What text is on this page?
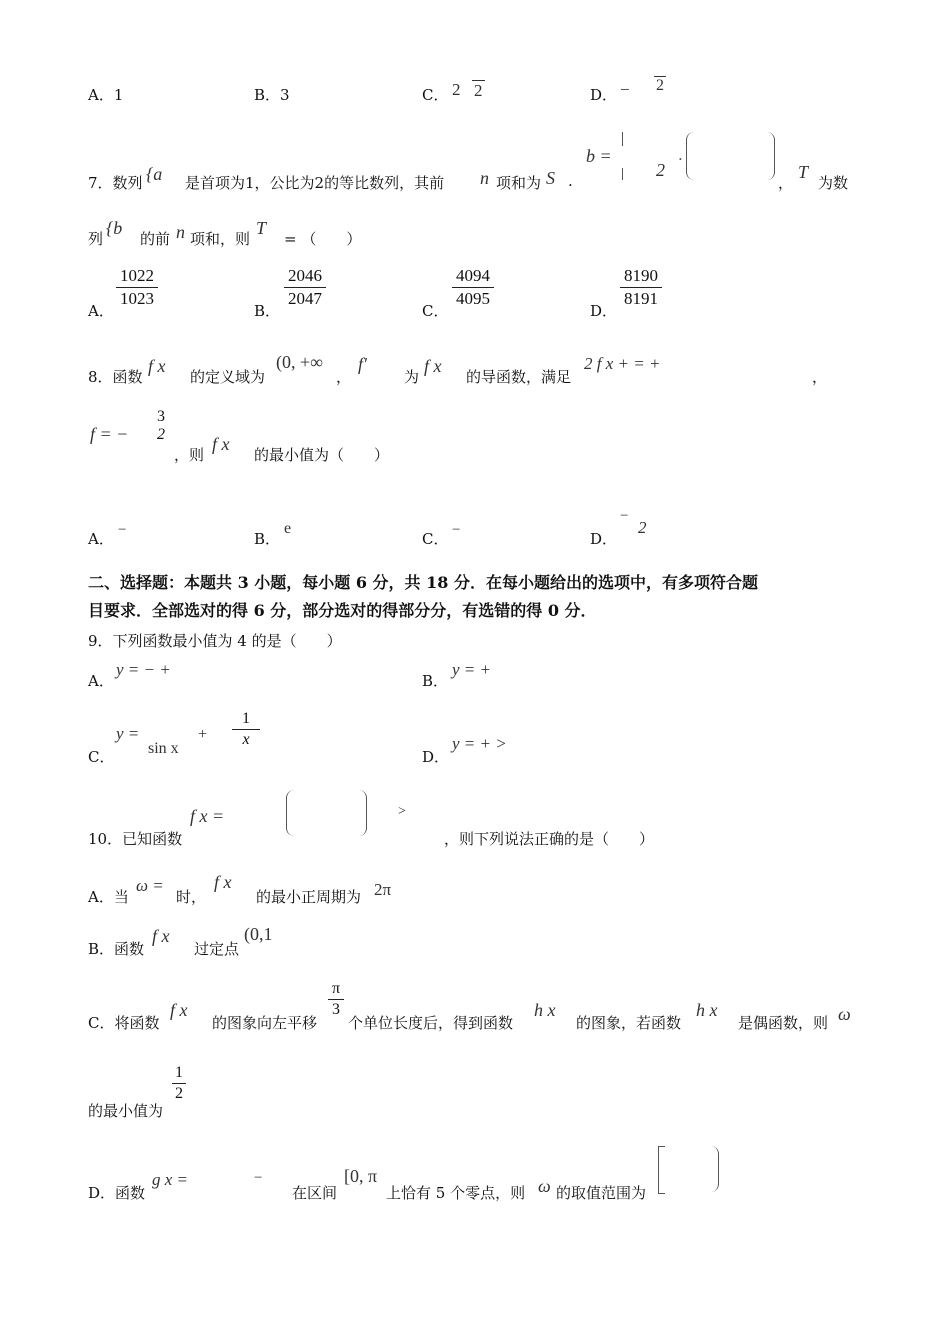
A．1	B．3	C． 2 2	D． − 2
7．数列 {a 是首项为1，公比为2的等比数列，其前 n 项和为 S .
b =
2
·
，
T
为数
列
{b
的前 n 项和，则
T
= （　　）
A．
1022
1023
B．
2046
2047
C．
4094
4095
D．
8190
8191
8．函数
f x
的定义域为
(0, +∞
，
f′
为
f x
的导函数，满足
2 f x + = +
，
f = −
3
2
，则
f x
的最小值为（　　）
A． −	B．
e
C． −	D．
−
2
二、选择题：本题共 3 小题，每小题 6 分，共 18 分．在每小题给出的选项中，有多项符合题
目要求．全部选对的得 6 分，部分选对的得部分分，有选错的得 0 分．
9．下列函数最小值为 4 的是（　　）
A．
y = − +
B．
y = +
C．
y =
sin x
+
1
x
D．
y = + >
10．已知函数
f x =	>
，则下列说法正确的是（　　）
A．当
ω =
时，
f x
的最小正周期为 2π
B．函数
f x
过定点
(0,1
C．将函数
f x
的图象向左平移
π
3
个单位长度后，得到函数
h x
的图象，若函数
h x
是偶函数，则 ω
的最小值为
1
2
D．函数
g x =	−
在区间
[0, π
上恰有 5 个零点，则 ω 的取值范围为
